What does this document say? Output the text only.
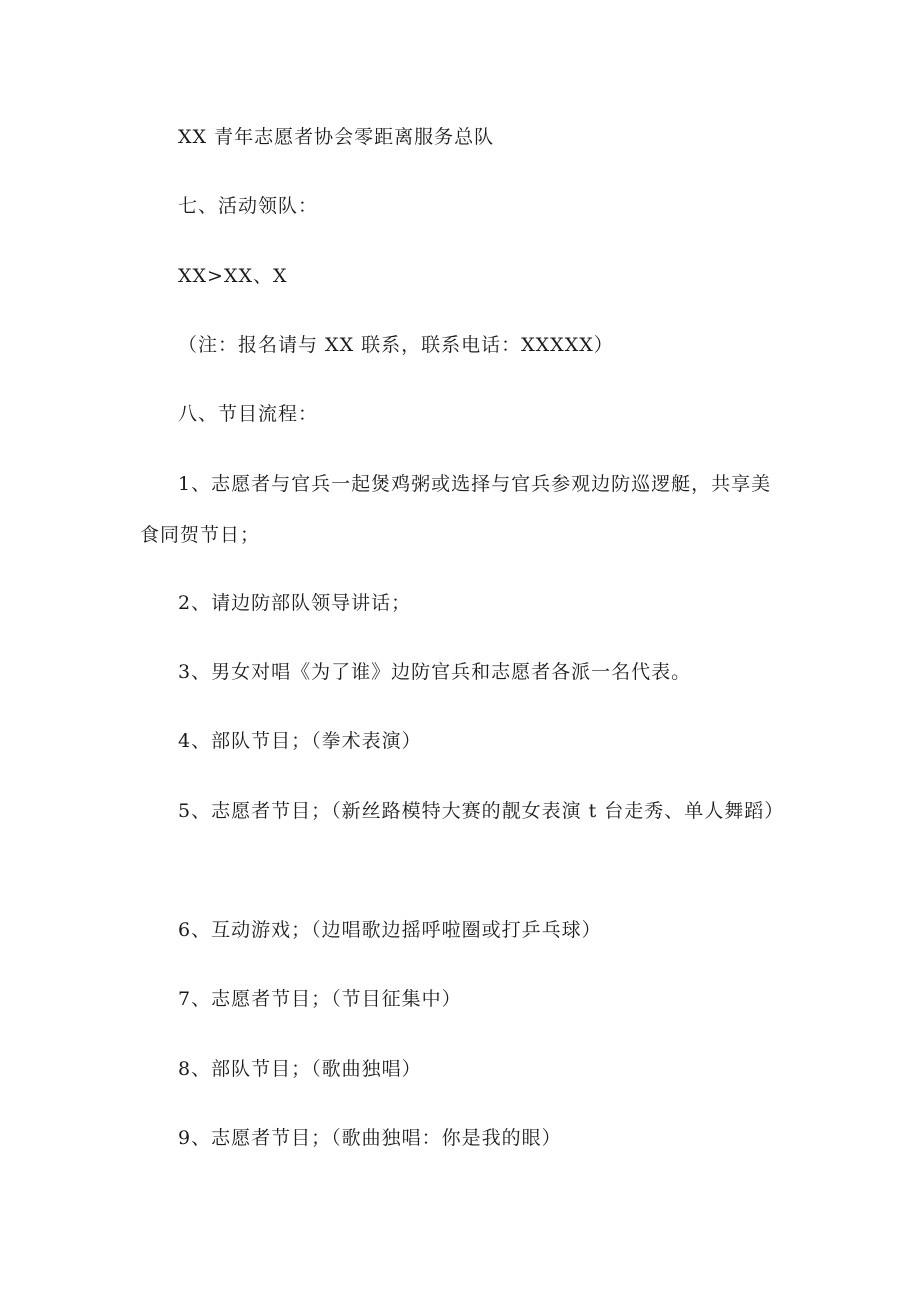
XX 青年志愿者协会零距离服务总队

七、活动领队：

XX>XX、X

（注：报名请与 XX 联系，联系电话：XXXXX）

八、节目流程：

1、志愿者与官兵一起煲鸡粥或选择与官兵参观边防巡逻艇，共享美食同贺节日；

2、请边防部队领导讲话；

3、男女对唱《为了谁》边防官兵和志愿者各派一名代表。

4、部队节目；（拳术表演）

5、志愿者节目；（新丝路模特大赛的靓女表演 t 台走秀、单人舞蹈）

6、互动游戏；（边唱歌边摇呼啦圈或打乒乓球）

7、志愿者节目；（节目征集中）

8、部队节目；（歌曲独唱）

9、志愿者节目；（歌曲独唱：你是我的眼）
